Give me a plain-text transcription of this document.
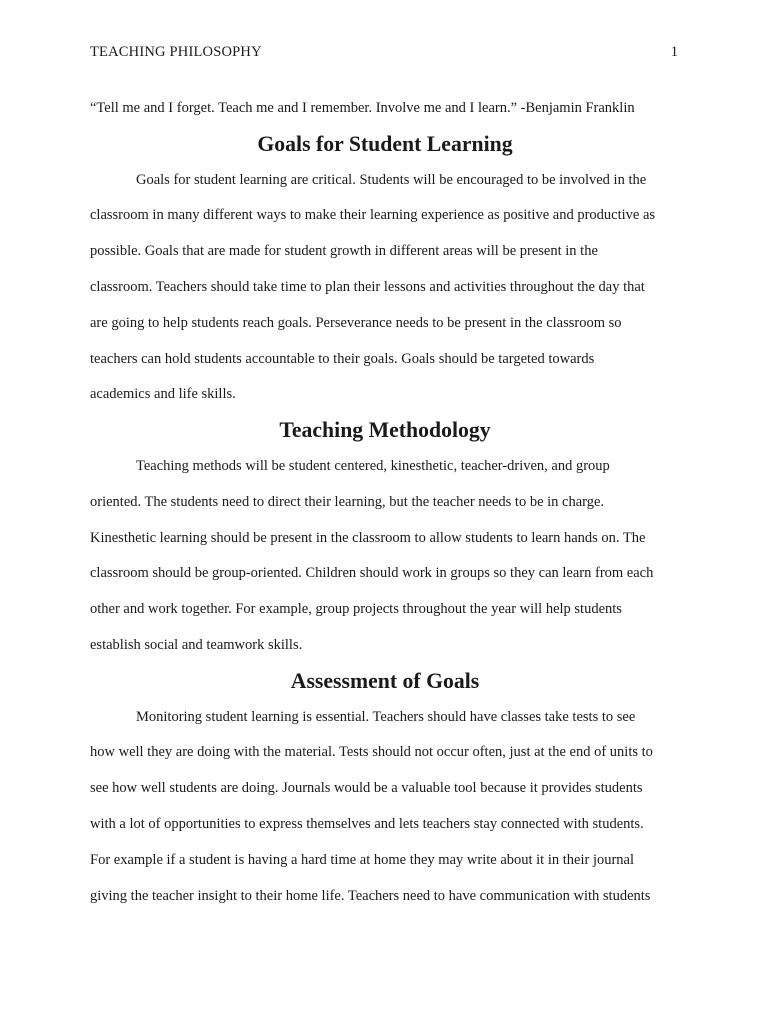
TEACHING PHILOSOPHY	1

“Tell me and I forget. Teach me and I remember. Involve me and I learn.” -Benjamin Franklin

Goals for Student Learning
Goals for student learning are critical. Students will be encouraged to be involved in the
classroom in many different ways to make their learning experience as positive and productive as
possible. Goals that are made for student growth in different areas will be present in the
classroom. Teachers should take time to plan their lessons and activities throughout the day that
are going to help students reach goals. Perseverance needs to be present in the classroom so
teachers can hold students accountable to their goals. Goals should be targeted towards
academics and life skills.
Teaching Methodology
Teaching methods will be student centered, kinesthetic, teacher-driven, and group
oriented. The students need to direct their learning, but the teacher needs to be in charge.
Kinesthetic learning should be present in the classroom to allow students to learn hands on. The
classroom should be group-oriented. Children should work in groups so they can learn from each
other and work together. For example, group projects throughout the year will help students
establish social and teamwork skills.
Assessment of Goals
Monitoring student learning is essential. Teachers should have classes take tests to see
how well they are doing with the material. Tests should not occur often, just at the end of units to
see how well students are doing. Journals would be a valuable tool because it provides students
with a lot of opportunities to express themselves and lets teachers stay connected with students.
For example if a student is having a hard time at home they may write about it in their journal
giving the teacher insight to their home life. Teachers need to have communication with students
